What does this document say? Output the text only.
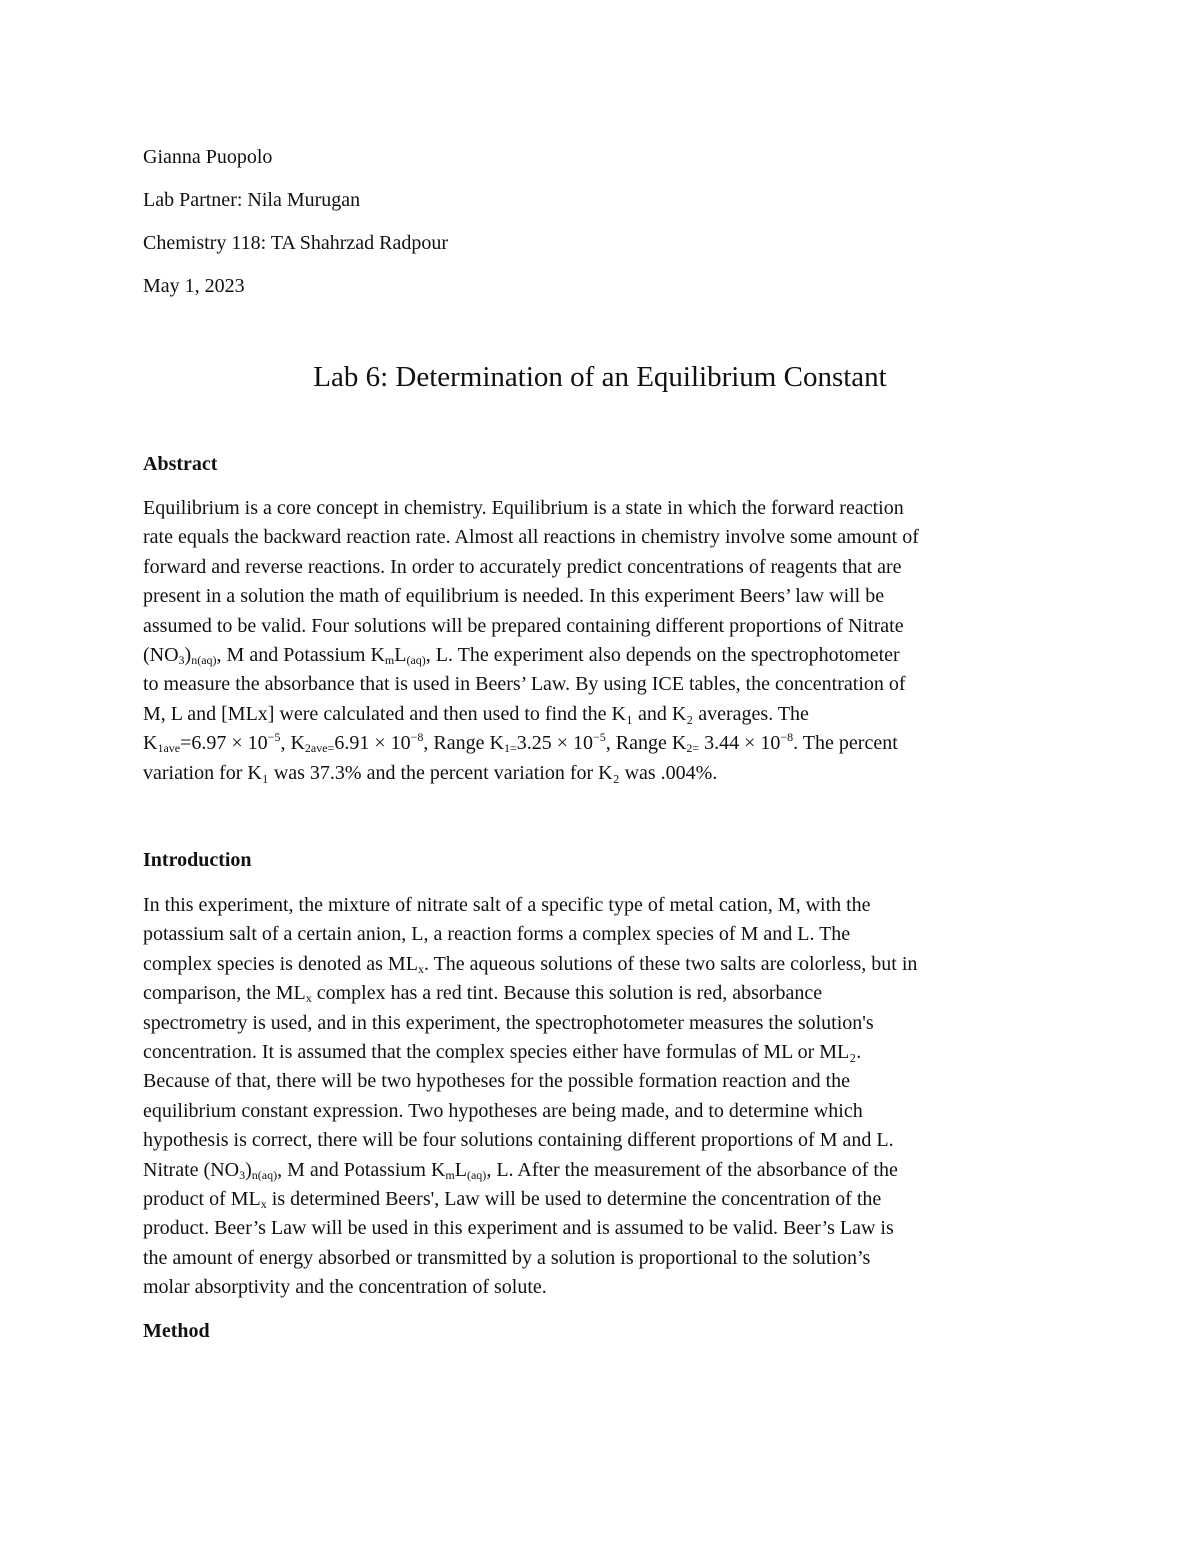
Gianna Puopolo

Lab Partner: Nila Murugan

Chemistry 118: TA Shahrzad Radpour

May 1, 2023

Lab 6: Determination of an Equilibrium Constant
Abstract
Equilibrium is a core concept in chemistry. Equilibrium is a state in which the forward reaction
rate equals the backward reaction rate. Almost all reactions in chemistry involve some amount of
forward and reverse reactions. In order to accurately predict concentrations of reagents that are
present in a solution the math of equilibrium is needed. In this experiment Beers’ law will be
assumed to be valid. Four solutions will be prepared containing different proportions of Nitrate
$(NO_3)_{n(aq)}$, M and Potassium $K_mL_{(aq)}$, L. The experiment also depends on the spectrophotometer
to measure the absorbance that is used in Beers’ Law. By using ICE tables, the concentration of
M, L and [MLx] were calculated and then used to find the K₁ and K₂ averages. The
$K_{1ave}=6.97 \times 10^{-5}$, $K_{2ave=}6.91 \times 10^{-8}$, Range $K_{1=}3.25 \times 10^{-5}$, Range $K_{2=}$ $3.44 \times 10^{-8}$. The percent
variation for K₁ was 37.3% and the percent variation for K₂ was .004%.
Introduction
In this experiment, the mixture of nitrate salt of a specific type of metal cation, M, with the
potassium salt of a certain anion, L, a reaction forms a complex species of M and L. The
complex species is denoted as $ML_x$. The aqueous solutions of these two salts are colorless, but in
comparison, the $ML_x$ complex has a red tint. Because this solution is red, absorbance
spectrometry is used, and in this experiment, the spectrophotometer measures the solution's
concentration. It is assumed that the complex species either have formulas of ML or ML₂.
Because of that, there will be two hypotheses for the possible formation reaction and the
equilibrium constant expression. Two hypotheses are being made, and to determine which
hypothesis is correct, there will be four solutions containing different proportions of M and L.
Nitrate $(NO_3)_{n(aq)}$, M and Potassium $K_mL_{(aq)}$, L. After the measurement of the absorbance of the
product of $ML_x$ is determined Beers', Law will be used to determine the concentration of the
product. Beer’s Law will be used in this experiment and is assumed to be valid. Beer’s Law is
the amount of energy absorbed or transmitted by a solution is proportional to the solution’s
molar absorptivity and the concentration of solute.
Method
